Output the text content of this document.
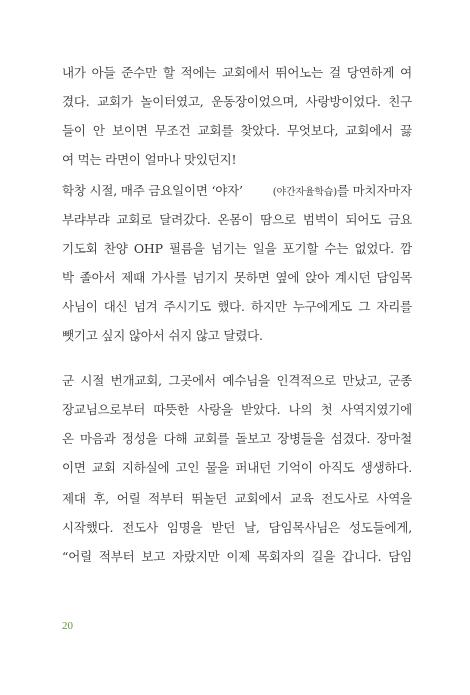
내가 아들 준수만 할 적에는 교회에서 뛰어노는 걸 당연하게 여
겼다. 교회가 놀이터였고, 운동장이었으며, 사랑방이었다. 친구
들이 안 보이면 무조건 교회를 찾았다. 무엇보다, 교회에서 끓
여 먹는 라면이 얼마나 맛있던지!
학창 시절, 매주 금요일이면 ‘야자’	(야간자율학습)를 마치자마자
부랴부랴 교회로 달려갔다. 온몸이 땀으로 범벅이 되어도 금요
기도회 찬양 OHP 필름을 넘기는 일을 포기할 수는 없었다. 깜
박 졸아서 제때 가사를 넘기지 못하면 옆에 앉아 계시던 담임목
사님이 대신 넘겨 주시기도 했다. 하지만 누구에게도 그 자리를
뺏기고 싶지 않아서 쉬지 않고 달렸다.
군 시절 번개교회, 그곳에서 예수님을 인격적으로 만났고, 군종
장교님으로부터 따뜻한 사랑을 받았다. 나의 첫 사역지였기에
온 마음과 정성을 다해 교회를 돌보고 장병들을 섬겼다. 장마철
이면 교회 지하실에 고인 물을 퍼내던 기억이 아직도 생생하다.
제대 후, 어릴 적부터 뛰놀던 교회에서 교육 전도사로 사역을
시작했다. 전도사 임명을 받던 날, 담임목사님은 성도들에게,
“어릴 적부터 보고 자랐지만 이제 목회자의 길을 갑니다. 담임
20
